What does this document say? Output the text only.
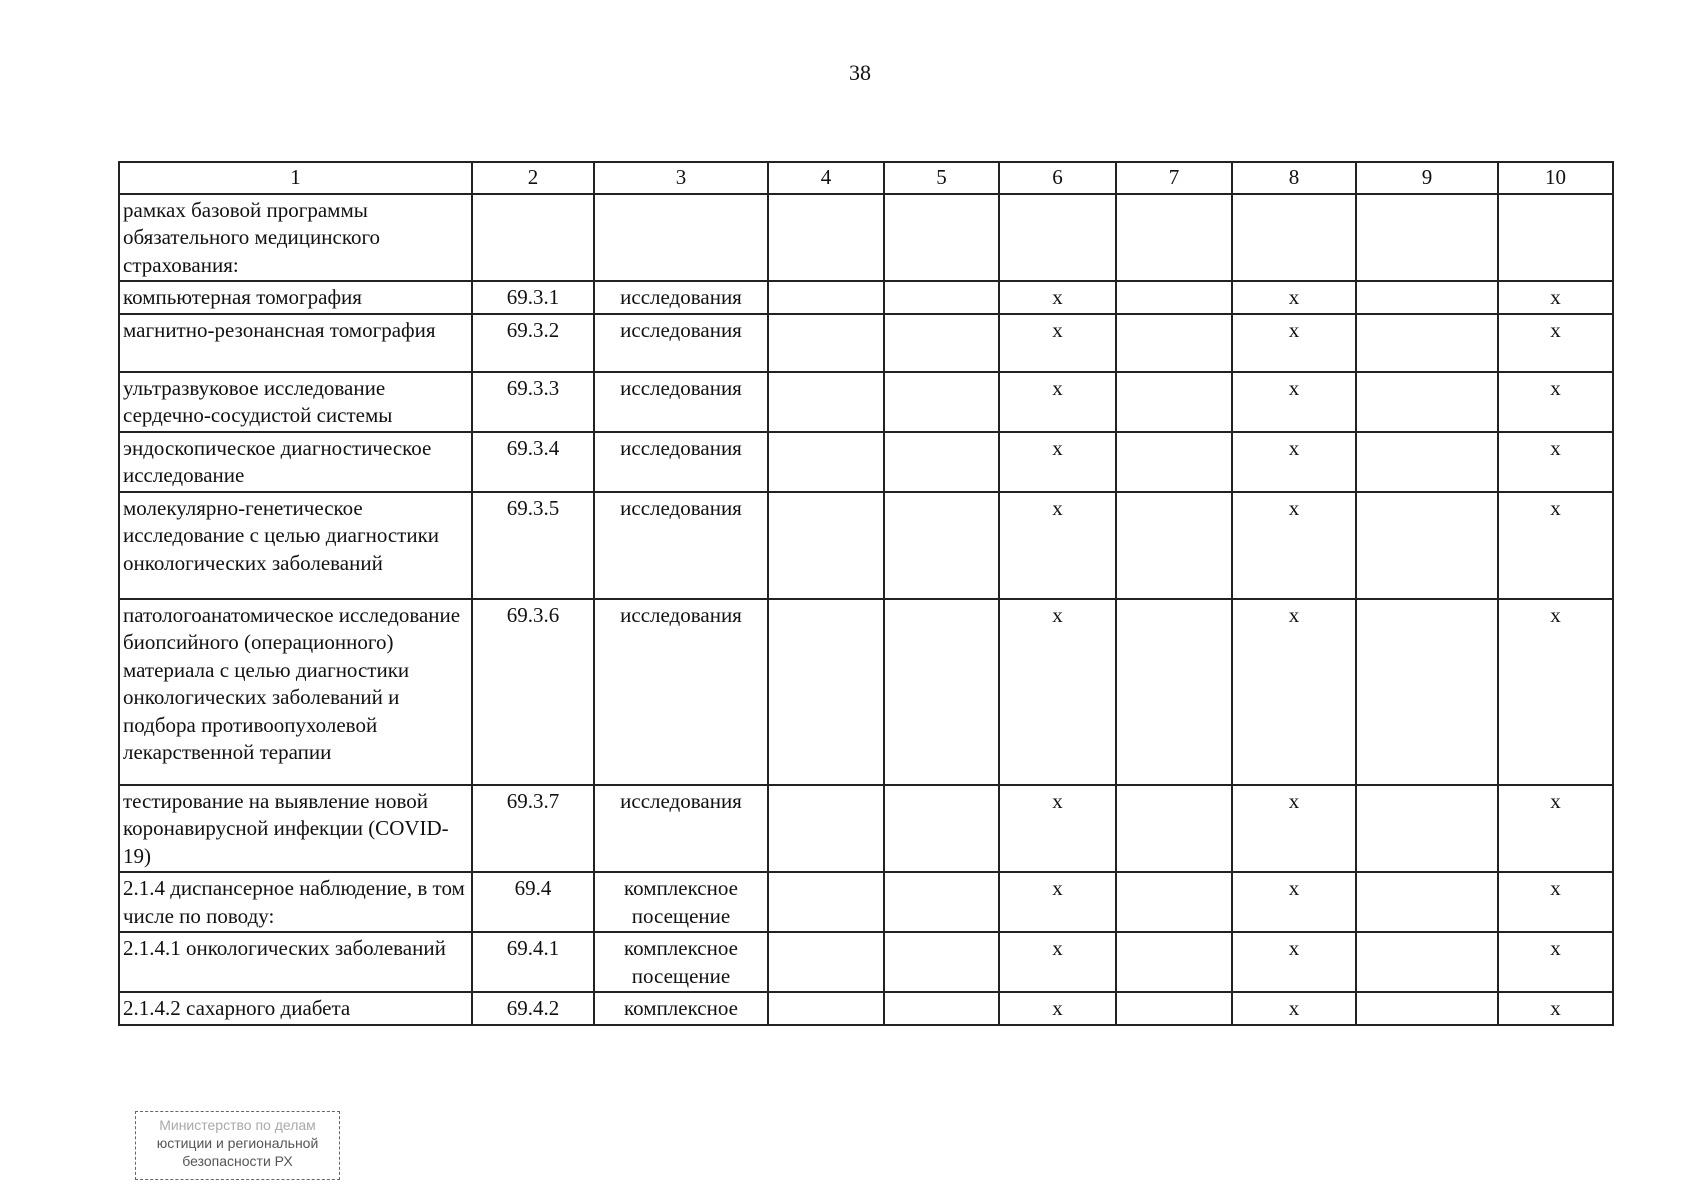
38
1	2	3	4	5	6	7	8	9	10
рамках базовой программы обязательного медицинского страхования:									
компьютерная томография	69.3.1	исследования			х		х		х
магнитно-резонансная томография	69.3.2	исследования			х		х		х
ультразвуковое исследование сердечно-сосудистой системы	69.3.3	исследования			х		х		х
эндоскопическое диагностическое исследование	69.3.4	исследования			х		х		х
молекулярно-генетическое исследование с целью диагностики онкологических заболеваний	69.3.5	исследования			х		х		х
патологоанатомическое исследование биопсийного (операционного) материала с целью диагностики онкологических заболеваний и подбора противоопухолевой лекарственной терапии	69.3.6	исследования			х		х		х
тестирование на выявление новой коронавирусной инфекции (COVID-19)	69.3.7	исследования			х		х		х
2.1.4 диспансерное наблюдение, в том числе по поводу:	69.4	комплексное посещение			х		х		х
2.1.4.1 онкологических заболеваний	69.4.1	комплексное посещение			х		х		х
2.1.4.2 сахарного диабета	69.4.2	комплексное			х		х		х
Министерство по делам
юстиции и региональной
безопасности РХ
